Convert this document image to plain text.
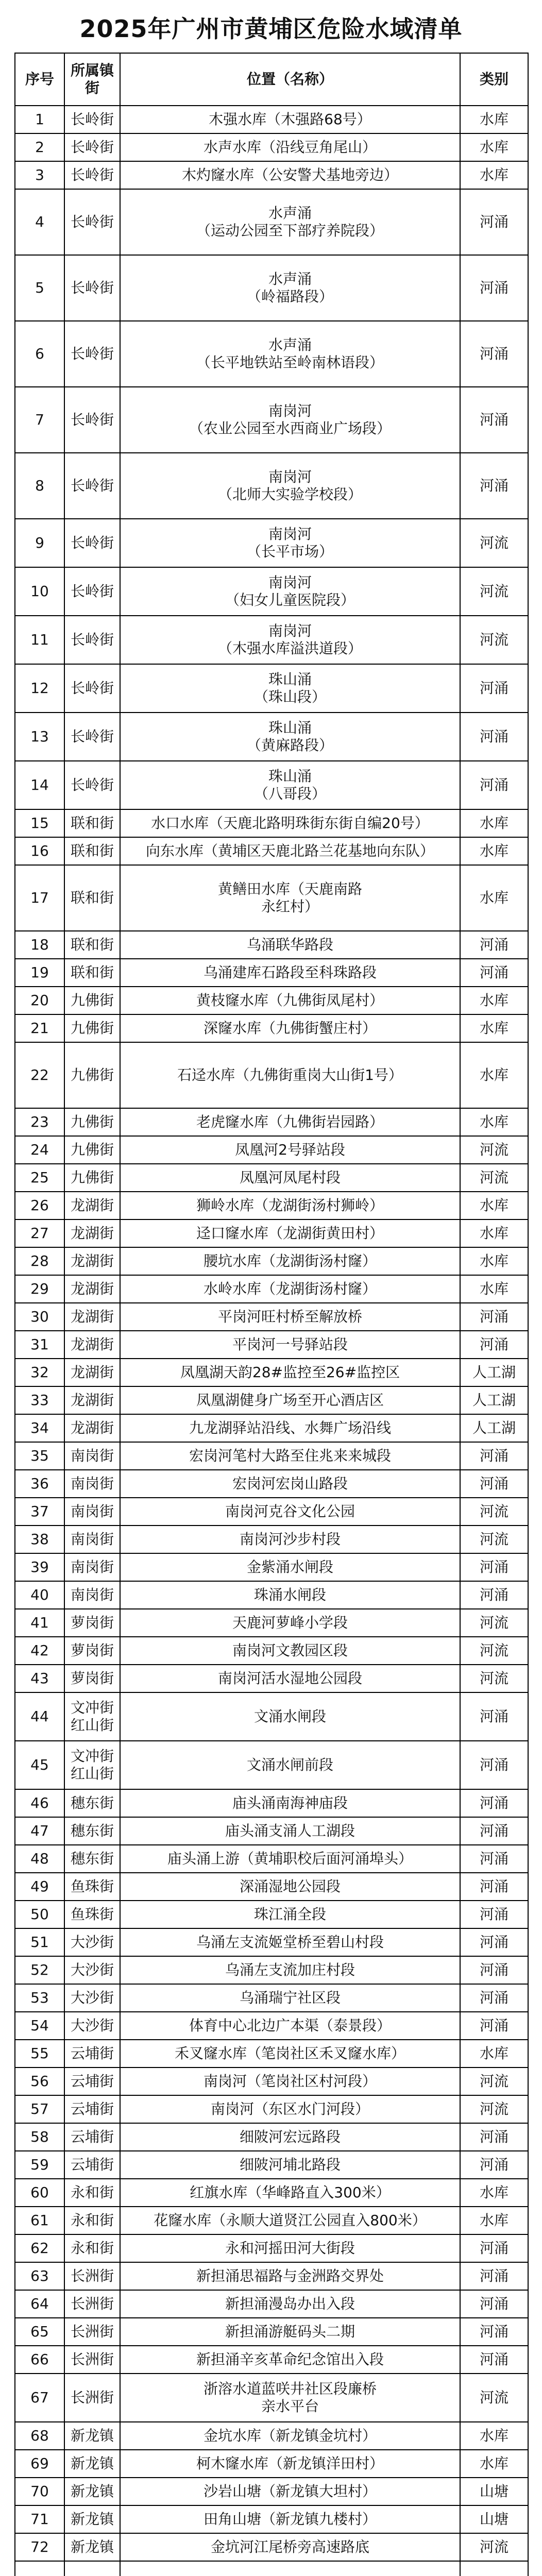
2025年广州市黄埔区危险水域清单
序号	所属镇街	位置（名称）	类别
1	长岭街	木强水库（木强路68号）	水库
2	长岭街	水声水库（沿线豆角尾山）	水库
3	长岭街	木灼窿水库（公安警犬基地旁边）	水库
4	长岭街	水声涌
（运动公园至下部疗养院段）	河涌
5	长岭街	水声涌
（岭福路段）	河涌
6	长岭街	水声涌
（长平地铁站至岭南林语段）	河涌
7	长岭街	南岗河
（农业公园至水西商业广场段）	河涌
8	长岭街	南岗河
（北师大实验学校段）	河涌
9	长岭街	南岗河
（长平市场）	河流
10	长岭街	南岗河
（妇女儿童医院段）	河流
11	长岭街	南岗河
（木强水库溢洪道段）	河流
12	长岭街	珠山涌
（珠山段）	河涌
13	长岭街	珠山涌
（黄麻路段）	河涌
14	长岭街	珠山涌
（八哥段）	河涌
15	联和街	水口水库（天鹿北路明珠街东街自编20号）	水库
16	联和街	向东水库（黄埔区天鹿北路兰花基地向东队）	水库
17	联和街	黄鳝田水库（天鹿南路
永红村）	水库
18	联和街	乌涌联华路段	河涌
19	联和街	乌涌建库石路段至科珠路段	河涌
20	九佛街	黄枝窿水库（九佛街凤尾村）	水库
21	九佛街	深窿水库（九佛街蟹庄村）	水库
22	九佛街	石迳水库（九佛街重岗大山街1号）	水库
23	九佛街	老虎窿水库（九佛街岩园路）	水库
24	九佛街	凤凰河2号驿站段	河流
25	九佛街	凤凰河凤尾村段	河流
26	龙湖街	狮岭水库（龙湖街汤村狮岭）	水库
27	龙湖街	迳口窿水库（龙湖街黄田村）	水库
28	龙湖街	腰坑水库（龙湖街汤村窿）	水库
29	龙湖街	水岭水库（龙湖街汤村窿）	水库
30	龙湖街	平岗河旺村桥至解放桥	河涌
31	龙湖街	平岗河一号驿站段	河涌
32	龙湖街	凤凰湖天韵28#监控至26#监控区	人工湖
33	龙湖街	凤凰湖健身广场至开心酒店区	人工湖
34	龙湖街	九龙湖驿站沿线、水舞广场沿线	人工湖
35	南岗街	宏岗河笔村大路至住兆来来城段	河涌
36	南岗街	宏岗河宏岗山路段	河涌
37	南岗街	南岗河克谷文化公园	河流
38	南岗街	南岗河沙步村段	河流
39	南岗街	金紫涌水闸段	河涌
40	南岗街	珠涌水闸段	河涌
41	萝岗街	天鹿河萝峰小学段	河流
42	萝岗街	南岗河文教园区段	河流
43	萝岗街	南岗河活水湿地公园段	河流
44	文冲街
红山街	文涌水闸段	河涌
45	文冲街
红山街	文涌水闸前段	河涌
46	穗东街	庙头涌南海神庙段	河涌
47	穗东街	庙头涌支涌人工湖段	河涌
48	穗东街	庙头涌上游（黄埔职校后面河涌埠头）	河涌
49	鱼珠街	深涌湿地公园段	河涌
50	鱼珠街	珠江涌全段	河涌
51	大沙街	乌涌左支流姬堂桥至碧山村段	河涌
52	大沙街	乌涌左支流加庄村段	河涌
53	大沙街	乌涌瑞宁社区段	河涌
54	大沙街	体育中心北边广本渠（泰景段）	河涌
55	云埔街	禾叉窿水库（笔岗社区禾叉窿水库）	水库
56	云埔街	南岗河（笔岗社区村河段）	河流
57	云埔街	南岗河（东区水门河段）	河流
58	云埔街	细陂河宏远路段	河涌
59	云埔街	细陂河埔北路段	河涌
60	永和街	红旗水库（华峰路直入300米）	水库
61	永和街	花窿水库（永顺大道贤江公园直入800米）	水库
62	永和街	永和河摇田河大街段	河涌
63	长洲街	新担涌思福路与金洲路交界处	河涌
64	长洲街	新担涌漫岛办出入段	河涌
65	长洲街	新担涌游艇码头二期	河涌
66	长洲街	新担涌辛亥革命纪念馆出入段	河涌
67	长洲街	浙溶水道蓝咲井社区段廉桥
亲水平台	河流
68	新龙镇	金坑水库（新龙镇金坑村）	水库
69	新龙镇	柯木窿水库（新龙镇洋田村）	水库
70	新龙镇	沙岩山塘（新龙镇大坦村）	山塘
71	新龙镇	田角山塘（新龙镇九楼村）	山塘
72	新龙镇	金坑河江尾桥旁高速路底	河流
